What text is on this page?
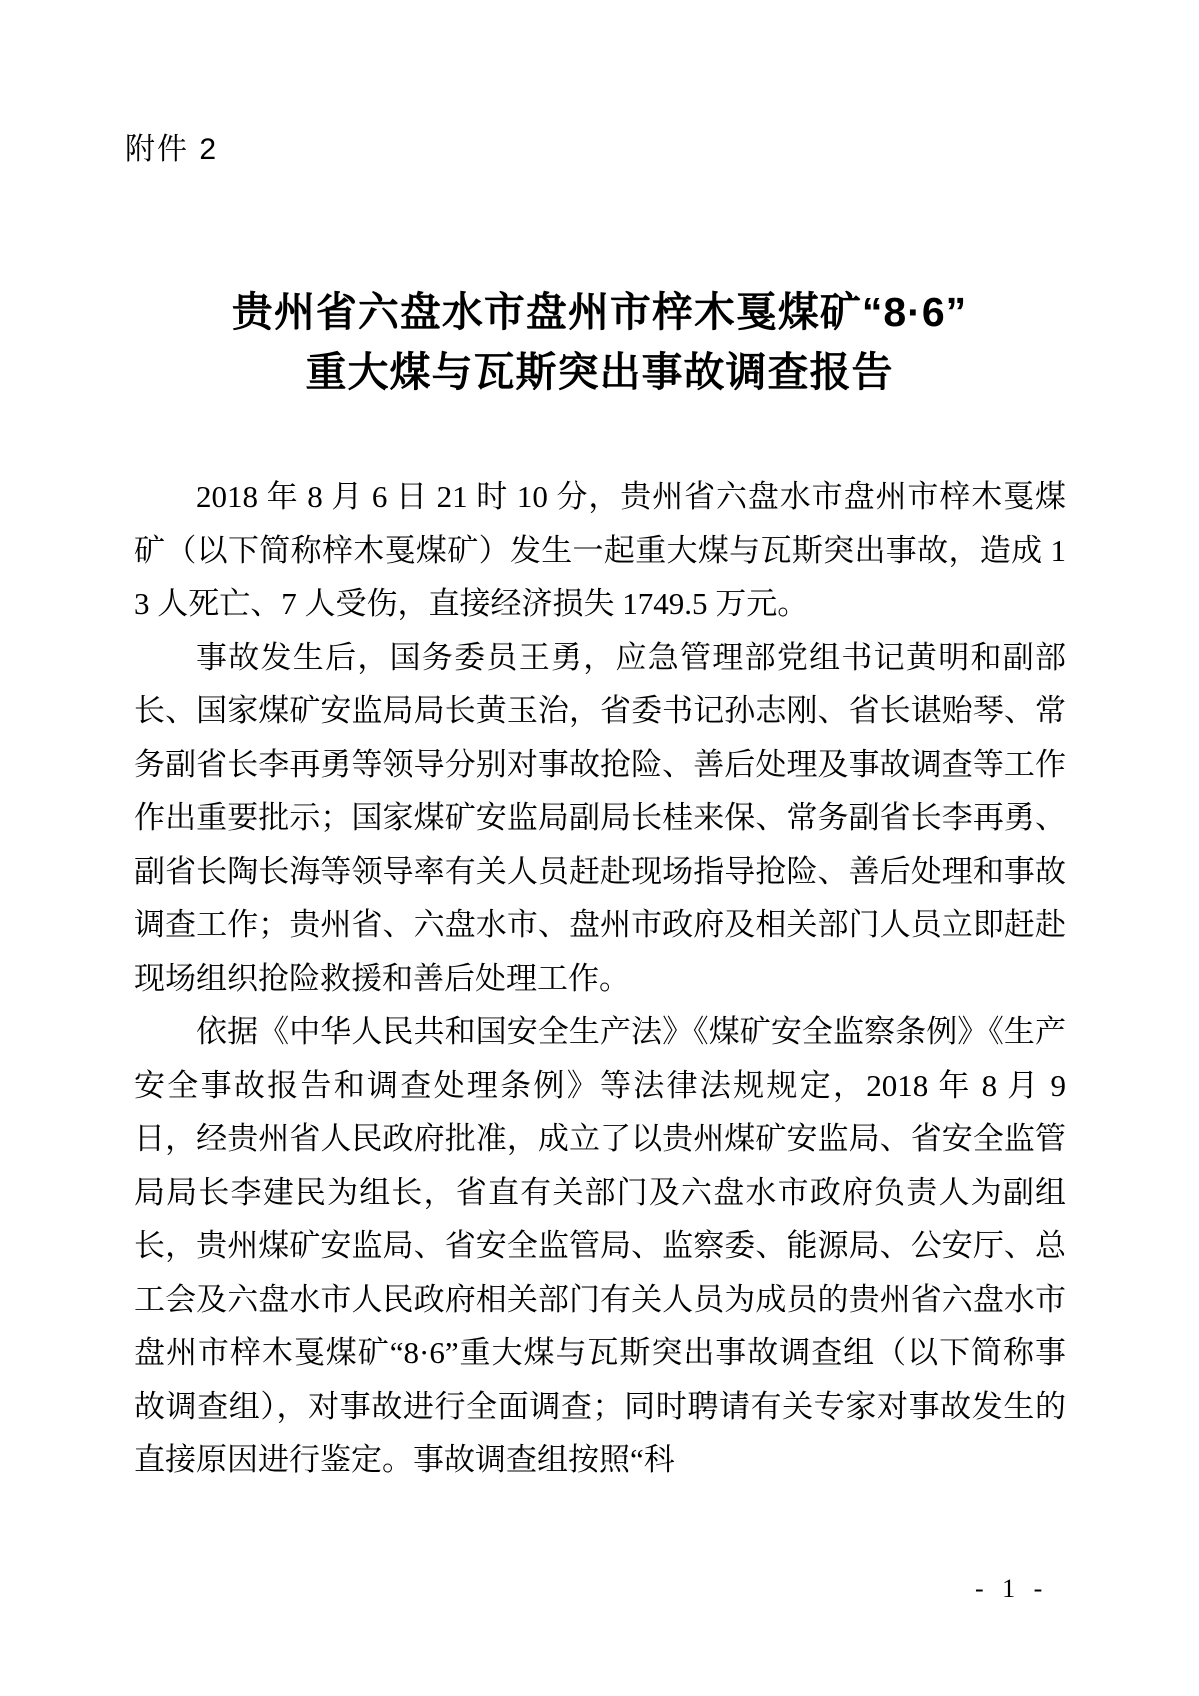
附件 2
贵州省六盘水市盘州市梓木戛煤矿“8·6”
重大煤与瓦斯突出事故调查报告

2018 年 8 月 6 日 21 时 10 分，贵州省六盘水市盘州市梓木戛煤矿（以下简称梓木戛煤矿）发生一起重大煤与瓦斯突出事故，造成 13 人死亡、7 人受伤，直接经济损失 1749.5 万元。

事故发生后，国务委员王勇，应急管理部党组书记黄明和副部长、国家煤矿安监局局长黄玉治，省委书记孙志刚、省长谌贻琴、常务副省长李再勇等领导分别对事故抢险、善后处理及事故调查等工作作出重要批示；国家煤矿安监局副局长桂来保、常务副省长李再勇、副省长陶长海等领导率有关人员赶赴现场指导抢险、善后处理和事故调查工作；贵州省、六盘水市、盘州市政府及相关部门人员立即赶赴现场组织抢险救援和善后处理工作。

依据《中华人民共和国安全生产法》《煤矿安全监察条例》《生产安全事故报告和调查处理条例》等法律法规规定，2018 年 8 月 9 日，经贵州省人民政府批准，成立了以贵州煤矿安监局、省安全监管局局长李建民为组长，省直有关部门及六盘水市政府负责人为副组长，贵州煤矿安监局、省安全监管局、监察委、能源局、公安厅、总工会及六盘水市人民政府相关部门有关人员为成员的贵州省六盘水市盘州市梓木戛煤矿“8·6”重大煤与瓦斯突出事故调查组（以下简称事故调查组），对事故进行全面调查；同时聘请有关专家对事故发生的直接原因进行鉴定。事故调查组按照“科

- 1 -
